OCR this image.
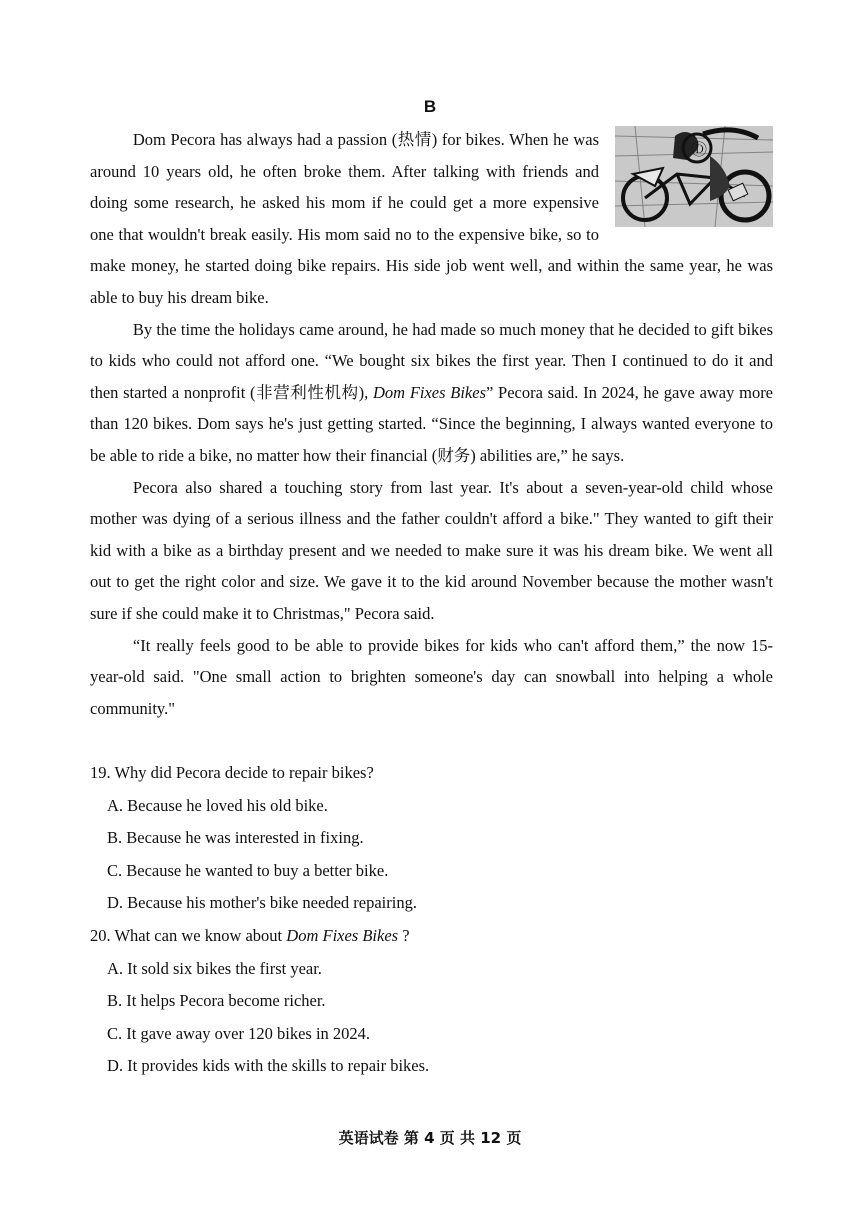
B

Ⓓ
Dom Pecora has always had a passion (热情) for bikes. When he was around 10 years old, he often broke them. After talking with friends and doing some research, he asked his mom if he could get a more expensive one that wouldn't break easily. His mom said no to the expensive bike, so to make money, he started doing bike repairs. His side job went well, and within the same year, he was able to buy his dream bike.

By the time the holidays came around, he had made so much money that he decided to gift bikes to kids who could not afford one. “We bought six bikes the first year. Then I continued to do it and then started a nonprofit (非营利性机构), Dom Fixes Bikes” Pecora said. In 2024, he gave away more than 120 bikes. Dom says he's just getting started. “Since the beginning, I always wanted everyone to be able to ride a bike, no matter how their financial (财务) abilities are,” he says.

Pecora also shared a touching story from last year. It's about a seven-year-old child whose mother was dying of a serious illness and the father couldn't afford a bike." They wanted to gift their kid with a bike as a birthday present and we needed to make sure it was his dream bike. We went all out to get the right color and size. We gave it to the kid around November because the mother wasn't sure if she could make it to Christmas," Pecora said.

“It really feels good to be able to provide bikes for kids who can't afford them,” the now 15-year-old said. "One small action to brighten someone's day can snowball into helping a whole community."

19. Why did Pecora decide to repair bikes?

A. Because he loved his old bike.

B. Because he was interested in fixing.

C. Because he wanted to buy a better bike.

D. Because his mother's bike needed repairing.

20. What can we know about Dom Fixes Bikes ?

A. It sold six bikes the first year.

B. It helps Pecora become richer.

C. It gave away over 120 bikes in 2024.

D. It provides kids with the skills to repair bikes.

英语试卷 第 4 页 共 12 页
